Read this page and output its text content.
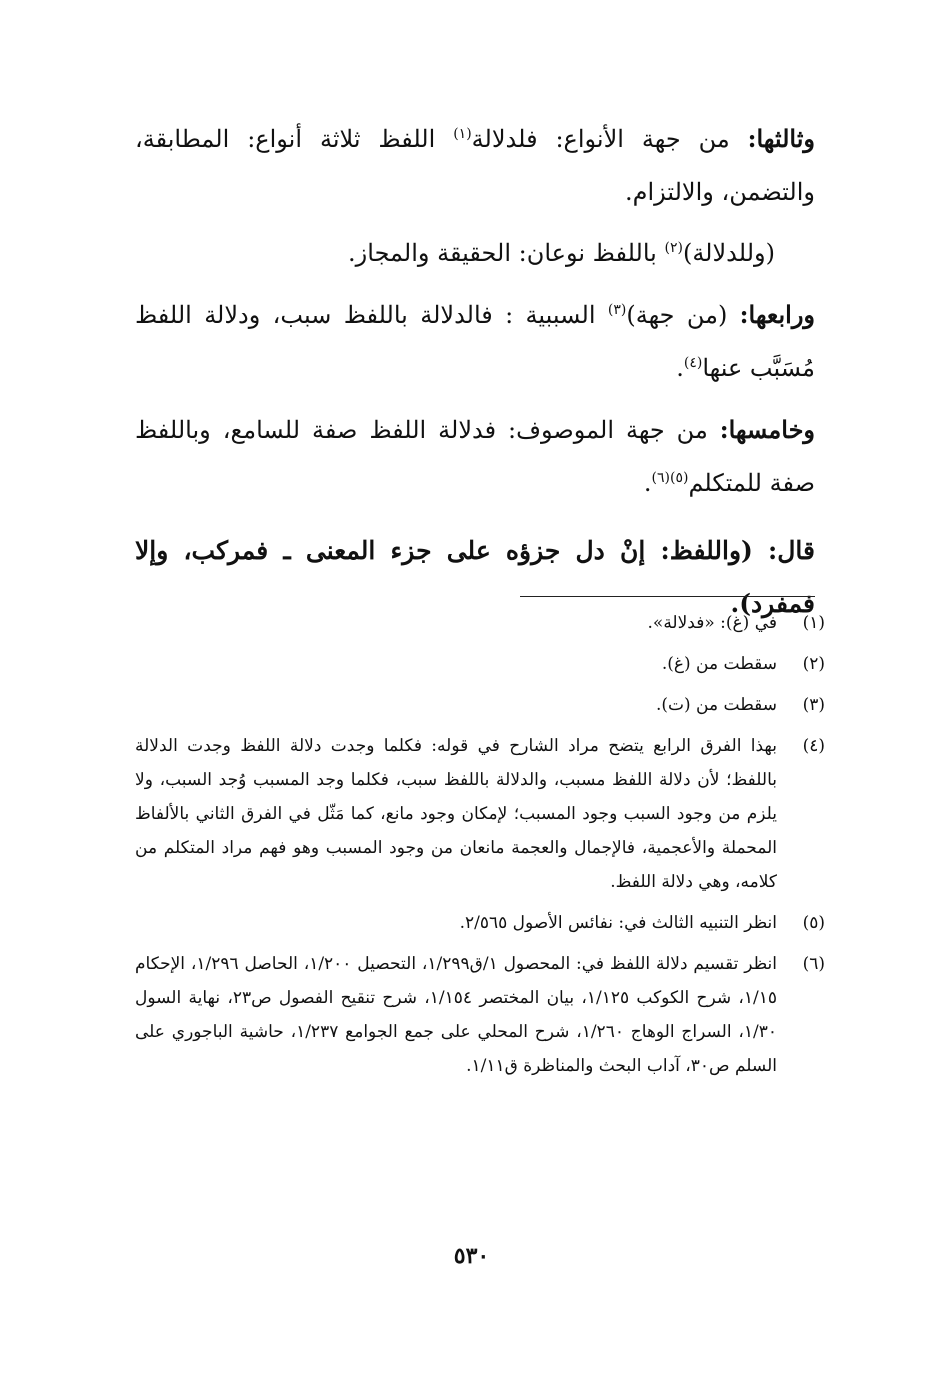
وثالثها: من جهة الأنواع: فلدلالة$^{(١)}$ اللفظ ثلاثة أنواع: المطابقة، والتضمن، والالتزام.

(وللدلالة)$^{(٢)}$ باللفظ نوعان: الحقيقة والمجاز.

ورابعها: (من جهة)$^{(٣)}$ السببية : فالدلالة باللفظ سبب، ودلالة اللفظ مُسَبَّب عنها$^{(٤)}$.

وخامسها: من جهة الموصوف: فدلالة اللفظ صفة للسامع، وباللفظ صفة للمتكلم$^{(٥)(٦)}$.

قال: (واللفظ: إنْ دل جزؤه على جزء المعنى ـ فمركب، وإلا فمفرد).

(١)
في (غ): «فدلالة».
(٢)
سقطت من (غ).
(٣)
سقطت من (ت).
(٤)
بهذا الفرق الرابع يتضح مراد الشارح في قوله: فكلما وجدت دلالة اللفظ وجدت الدلالة باللفظ؛ لأن دلالة اللفظ مسبب، والدلالة باللفظ سبب، فكلما وجد المسبب وُجد السبب، ولا يلزم من وجود السبب وجود المسبب؛ لإمكان وجود مانع، كما مَثّل في الفرق الثاني بالألفاظ المحملة والأعجمية، فالإجمال والعجمة مانعان من وجود المسبب وهو فهم مراد المتكلم من كلامه، وهي دلالة اللفظ.
(٥)
انظر التنبيه الثالث في: نفائس الأصول ٢/٥٦٥.
(٦)
انظر تقسيم دلالة اللفظ في: المحصول ١/ق١/٢٩٩، التحصيل ١/٢٠٠، الحاصل ١/٢٩٦، الإحكام ١/١٥، شرح الكوكب ١/١٢٥، بيان المختصر ١/١٥٤، شرح تنقيح الفصول ص٢٣، نهاية السول ١/٣٠، السراج الوهاج ١/٢٦٠، شرح المحلي على جمع الجوامع ١/٢٣٧، حاشية الباجوري على السلم ص٣٠، آداب البحث والمناظرة ق١/١١.
٥٣٠
